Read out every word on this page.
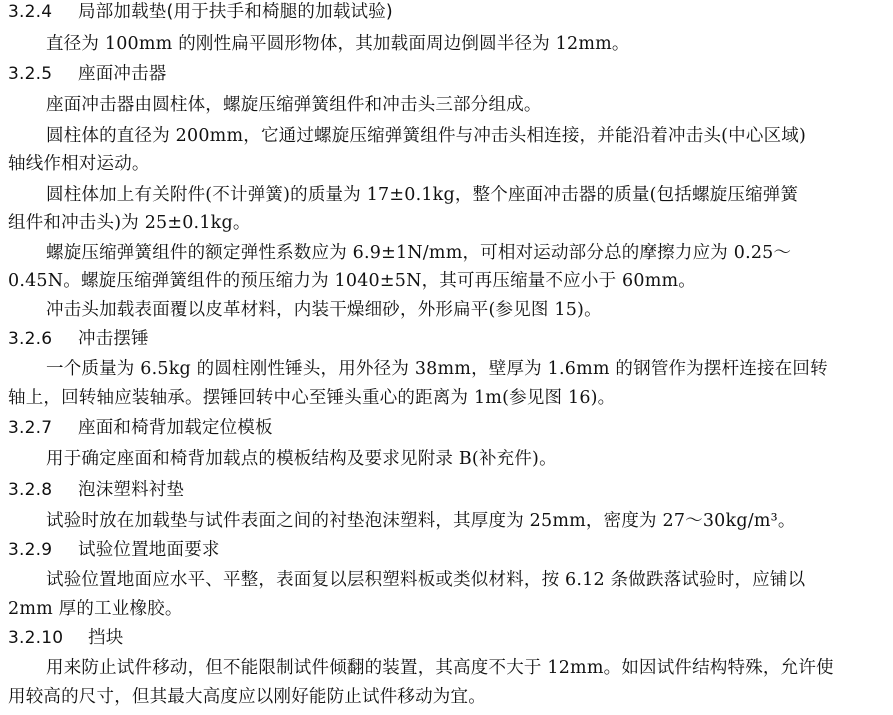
3.2.4 局部加载垫(用于扶手和椅腿的加载试验)
直径为 100mm 的刚性扁平圆形物体，其加载面周边倒圆半径为 12mm。
3.2.5 座面冲击器
座面冲击器由圆柱体，螺旋压缩弹簧组件和冲击头三部分组成。
圆柱体的直径为 200mm，它通过螺旋压缩弹簧组件与冲击头相连接，并能沿着冲击头(中心区域)
轴线作相对运动。
圆柱体加上有关附件(不计弹簧)的质量为 17±0.1kg，整个座面冲击器的质量(包括螺旋压缩弹簧
组件和冲击头)为 25±0.1kg。
螺旋压缩弹簧组件的额定弹性系数应为 6.9±1N/mm，可相对运动部分总的摩擦力应为 0.25～
0.45N。螺旋压缩弹簧组件的预压缩力为 1040±5N，其可再压缩量不应小于 60mm。
冲击头加载表面覆以皮革材料，内装干燥细砂，外形扁平(参见图 15)。
3.2.6 冲击摆锤
一个质量为 6.5kg 的圆柱刚性锤头，用外径为 38mm，壁厚为 1.6mm 的钢管作为摆杆连接在回转
轴上，回转轴应装轴承。摆锤回转中心至锤头重心的距离为 1m(参见图 16)。
3.2.7 座面和椅背加载定位模板
用于确定座面和椅背加载点的模板结构及要求见附录 B(补充件)。
3.2.8 泡沫塑料衬垫
试验时放在加载垫与试件表面之间的衬垫泡沫塑料，其厚度为 25mm，密度为 27～30kg/m³。
3.2.9 试验位置地面要求
试验位置地面应水平、平整，表面复以层积塑料板或类似材料，按 6.12 条做跌落试验时，应铺以
2mm 厚的工业橡胶。
3.2.10 挡块
用来防止试件移动，但不能限制试件倾翻的装置，其高度不大于 12mm。如因试件结构特殊，允许使
用较高的尺寸，但其最大高度应以刚好能防止试件移动为宜。
